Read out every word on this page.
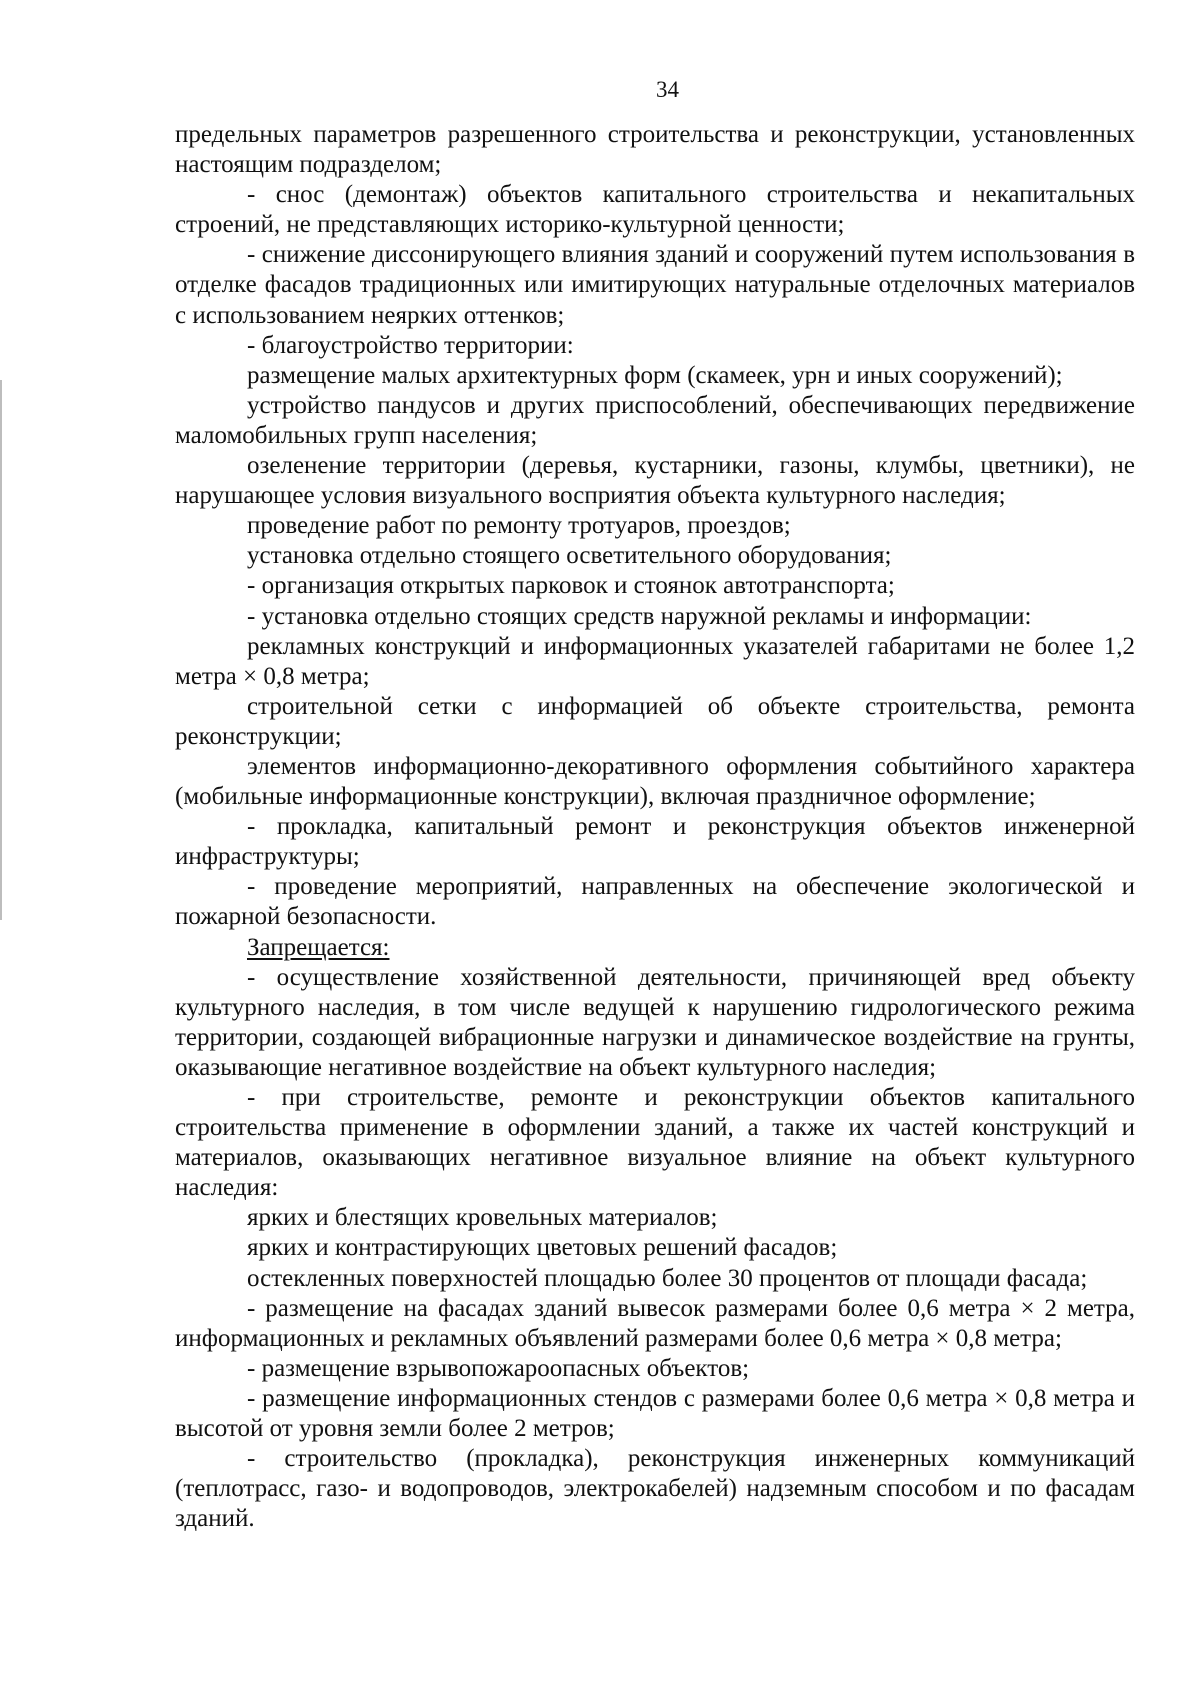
34

предельных параметров разрешенного строительства и реконструкции, установленных настоящим подразделом;

- снос (демонтаж) объектов капитального строительства и некапитальных строений, не представляющих историко-культурной ценности;

- снижение диссонирующего влияния зданий и сооружений путем использования в отделке фасадов традиционных или имитирующих натуральные отделочных материалов с использованием неярких оттенков;

- благоустройство территории:

размещение малых архитектурных форм (скамеек, урн и иных сооружений);

устройство пандусов и других приспособлений, обеспечивающих передвижение маломобильных групп населения;

озеленение территории (деревья, кустарники, газоны, клумбы, цветники), не нарушающее условия визуального восприятия объекта культурного наследия;

проведение работ по ремонту тротуаров, проездов;

установка отдельно стоящего осветительного оборудования;

- организация открытых парковок и стоянок автотранспорта;

- установка отдельно стоящих средств наружной рекламы и информации:

рекламных конструкций и информационных указателей габаритами не более 1,2 метра × 0,8 метра;

строительной сетки с информацией об объекте строительства, ремонта реконструкции;

элементов информационно-декоративного оформления событийного характера (мобильные информационные конструкции), включая праздничное оформление;

- прокладка, капитальный ремонт и реконструкция объектов инженерной инфраструктуры;

- проведение мероприятий, направленных на обеспечение экологической и пожарной безопасности.

Запрещается:

- осуществление хозяйственной деятельности, причиняющей вред объекту культурного наследия, в том числе ведущей к нарушению гидрологического режима территории, создающей вибрационные нагрузки и динамическое воздействие на грунты, оказывающие негативное воздействие на объект культурного наследия;

- при строительстве, ремонте и реконструкции объектов капитального строительства применение в оформлении зданий, а также их частей конструкций и материалов, оказывающих негативное визуальное влияние на объект культурного наследия:

ярких и блестящих кровельных материалов;

ярких и контрастирующих цветовых решений фасадов;

остекленных поверхностей площадью более 30 процентов от площади фасада;

- размещение на фасадах зданий вывесок размерами более 0,6 метра × 2 метра, информационных и рекламных объявлений размерами более 0,6 метра × 0,8 метра;

- размещение взрывопожароопасных объектов;

- размещение информационных стендов с размерами более 0,6 метра × 0,8 метра и высотой от уровня земли более 2 метров;

- строительство (прокладка), реконструкция инженерных коммуникаций (теплотрасс, газо- и водопроводов, электрокабелей) надземным способом и по фасадам зданий.
